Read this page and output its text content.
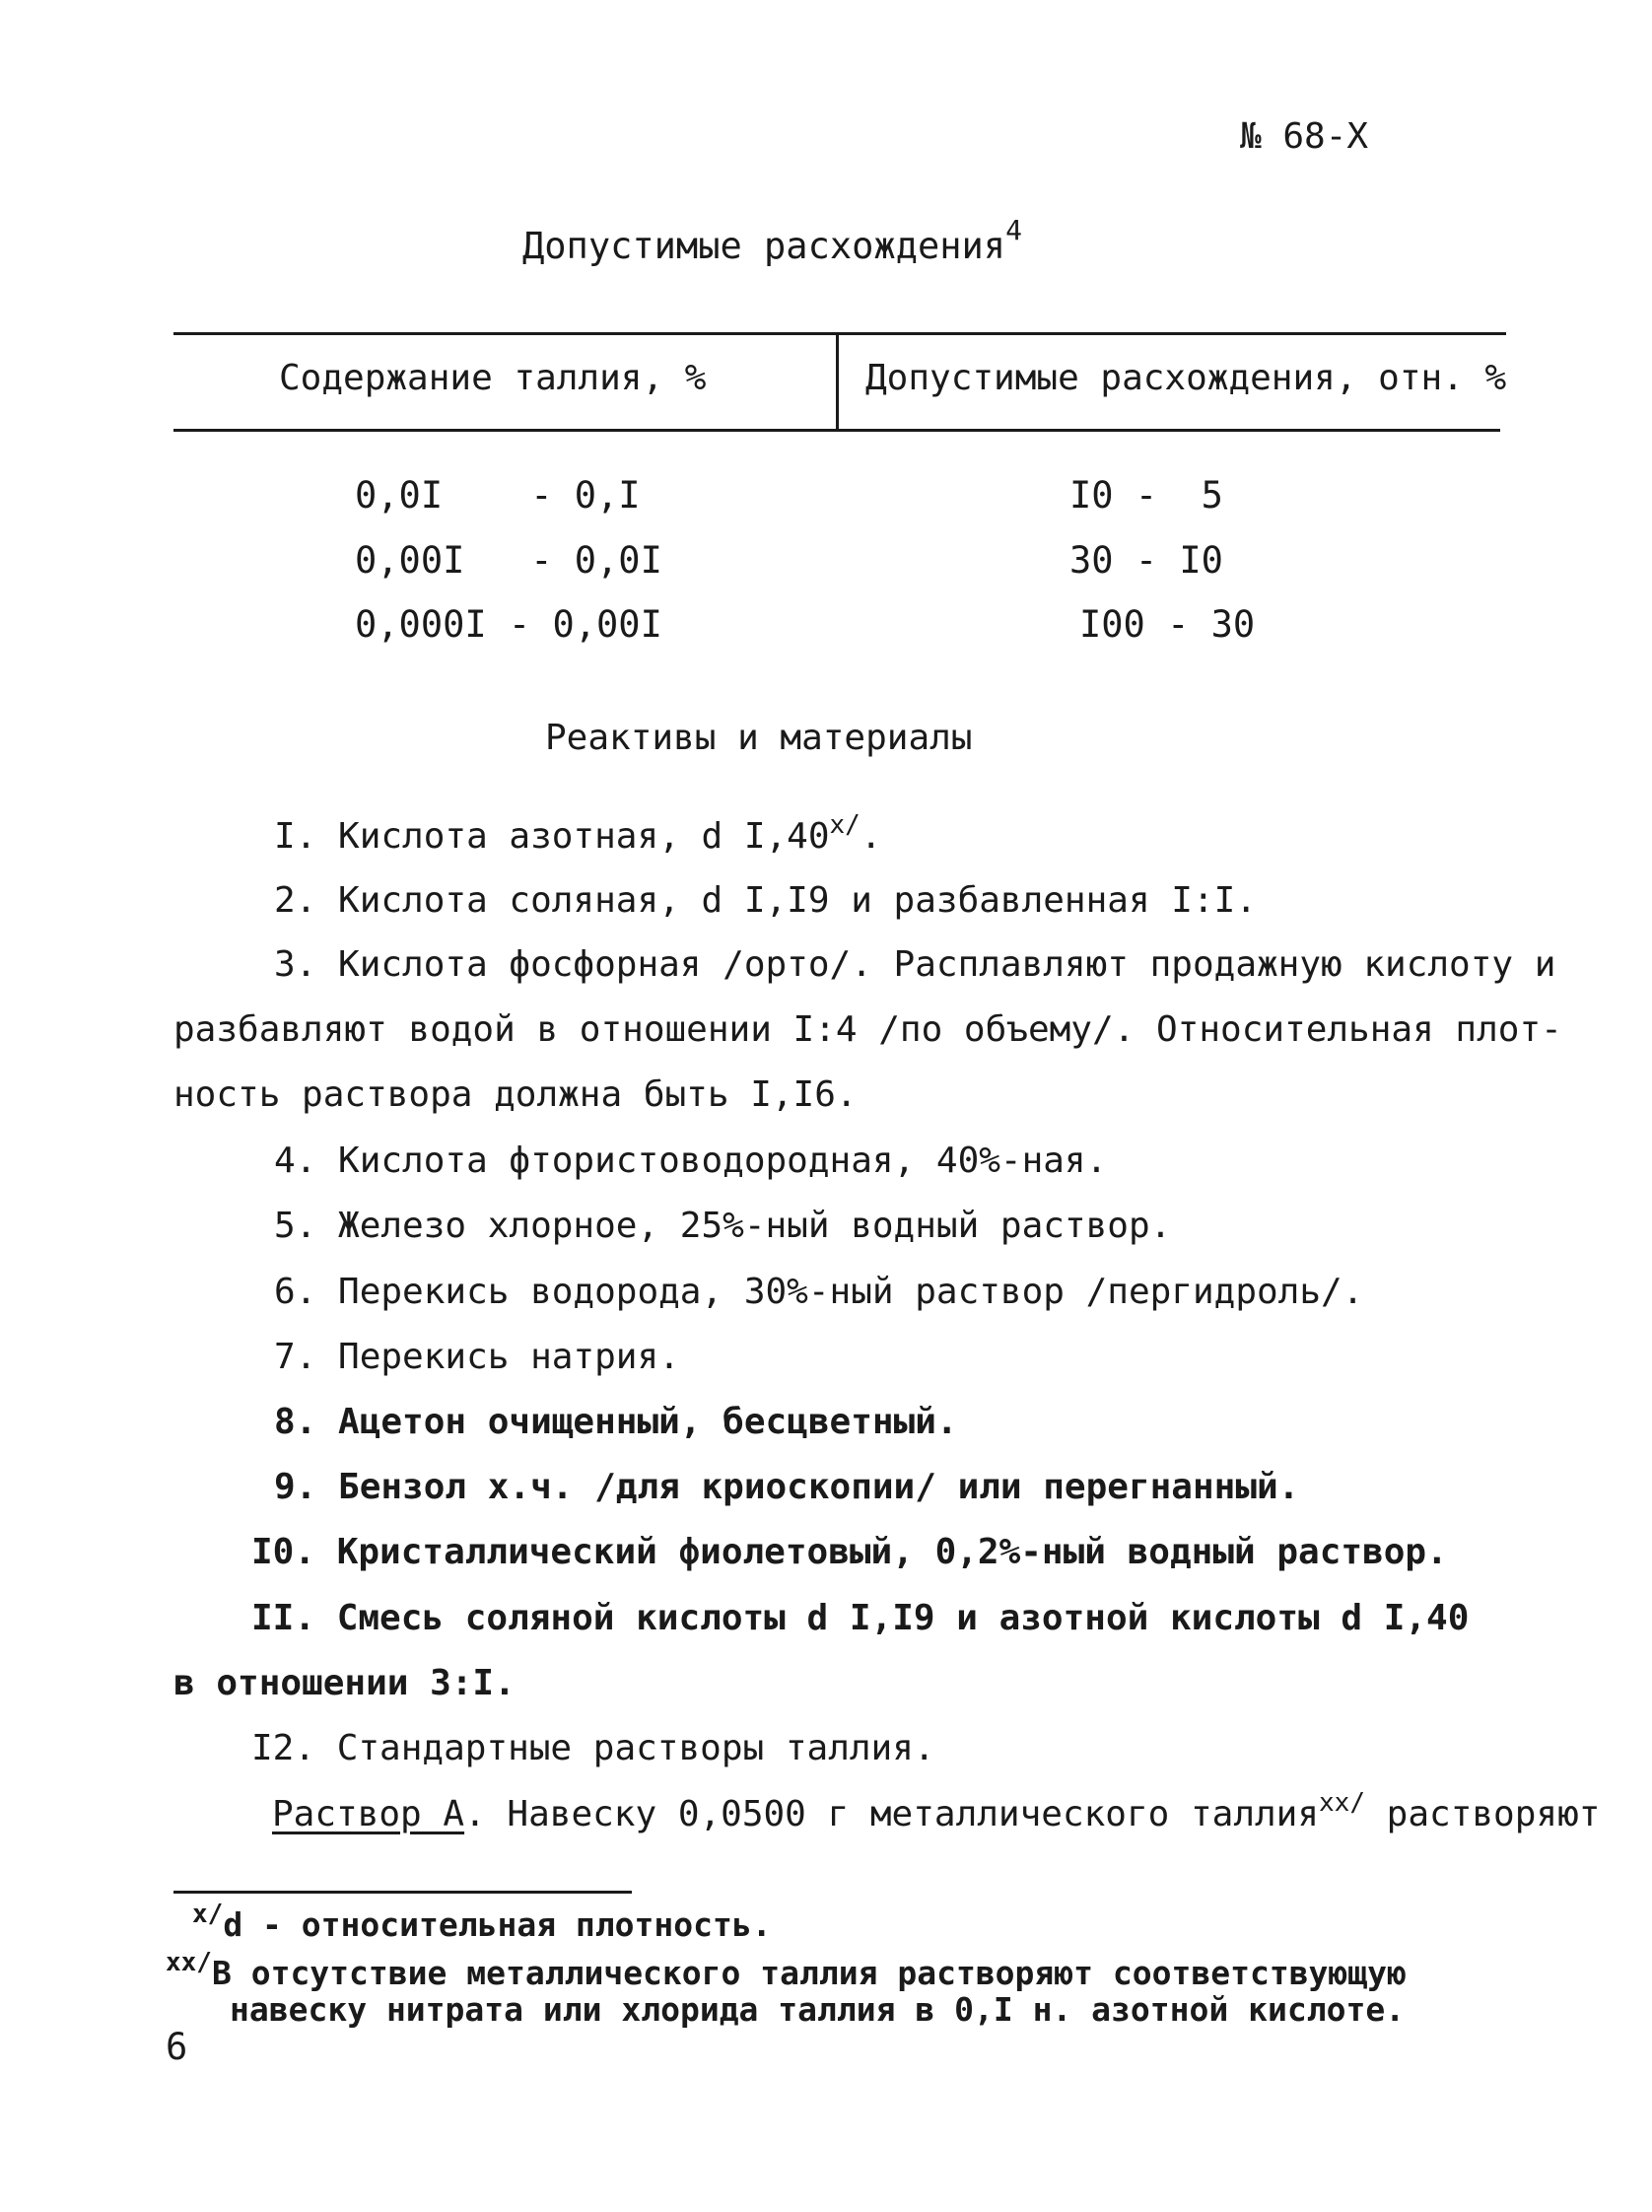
№ 68-Х
Допустимые расхождения$^4$
Содержание таллия, %	Допустимые расхождения, отн. %
0,0I    - 0,I	I0 -  5
0,00I   - 0,0I	30 - I0
0,000I - 0,00I	I00 - 30
Реактивы и материалы
I. Кислота азотная, d $I,40^{х/}$.
2. Кислота соляная, d I,I9 и разбавленная I:I.
3. Кислота фосфорная /орто/. Расплавляют продажную кислоту и
разбавляют водой в отношении I:4 /по объему/. Относительная плот-
ность раствора должна быть I,I6.
4. Кислота фтористоводородная, 40%-ная.
5. Железо хлорное, 25%-ный водный раствор.
6. Перекись водорода, 30%-ный раствор /пергидроль/.
7. Перекись натрия.
8. Ацетон очищенный, бесцветный.
9. Бензол х.ч. /для криоскопии/ или перегнанный.
I0. Кристаллический фиолетовый, 0,2%-ный водный раствор.
II. Смесь соляной кислоты d I,I9 и азотной кислоты d I,40
в отношении 3:I.
I2. Стандартные растворы таллия.
Раствор А. Навеску 0,0500 г металлического таллия$^{хх/}$ растворяют
$^{х/}$d - относительная плотность.
$^{хх/}$В отсутствие металлического таллия растворяют соответствующую
навеску нитрата или хлорида таллия в 0,I н. азотной кислоте.
6
